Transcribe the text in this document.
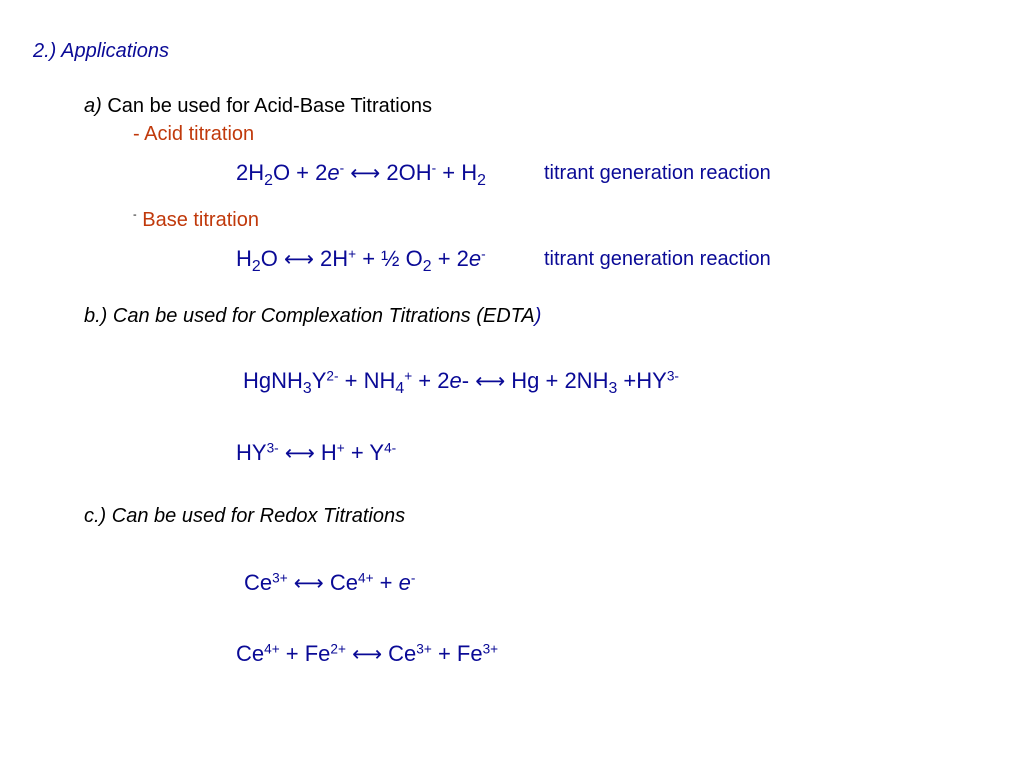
2.) Applications
a) Can be used for Acid-Base Titrations
- Acid titration
$2H_2O + 2e^-$ ⟷ $2OH^- + H_2$	titrant generation reaction
- Base titration
$H_2O$ ⟷ 2H+ + ½ $O_2 + 2e^-$	titrant generation reaction
b.) Can be used for Complexation Titrations (EDTA)
$HgNH_3Y^{2-} + NH_4^+ + 2e-$ ⟷ $Hg + 2NH_3 +HY^{3-}$
$HY^{3-}$ ⟷ $H^+ + Y^{4-}$
c.) Can be used for Redox Titrations
$Ce^{3+}$ ⟷ $Ce^{4+} + e^-$
$Ce^{4+} + Fe^{2+}$ ⟷ $Ce^{3+} + Fe^{3+}$
